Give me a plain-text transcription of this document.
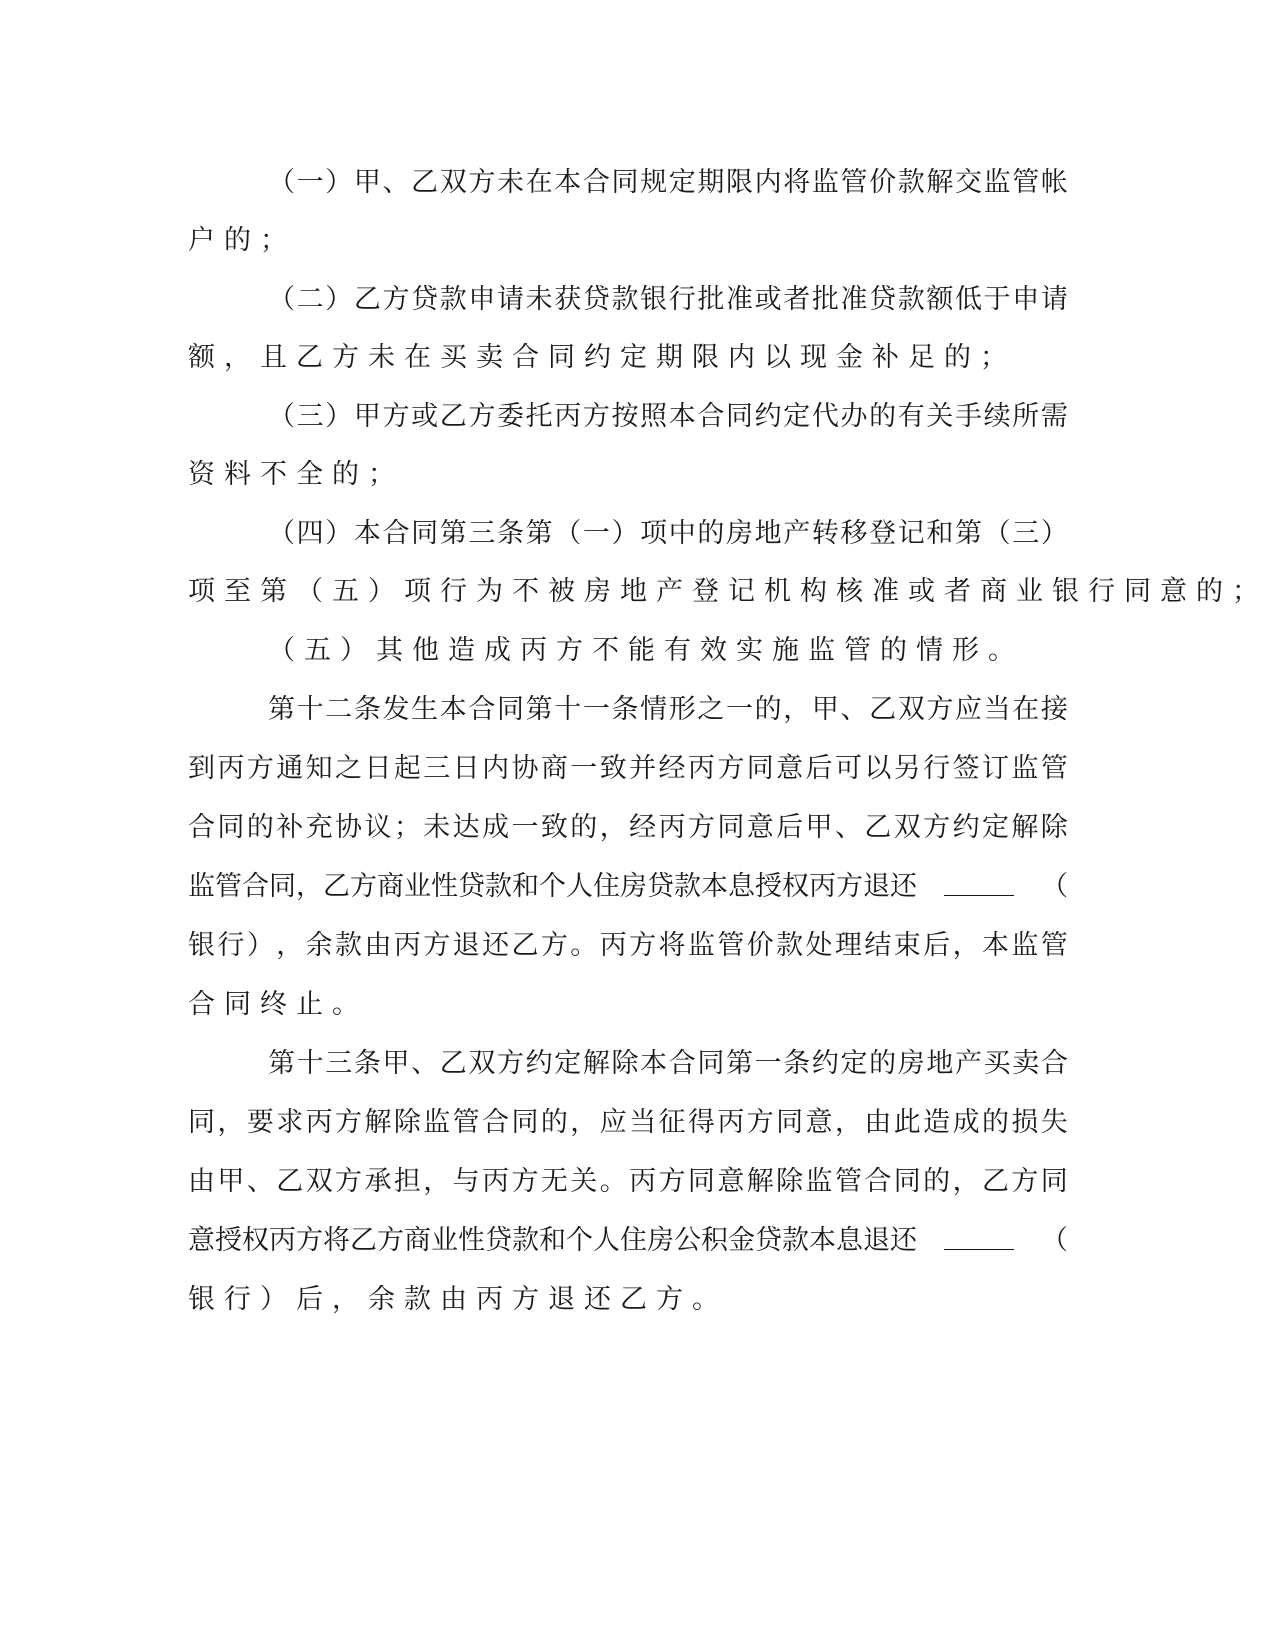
（ 一 ） 甲 、 乙 双 方 未 在 本 合 同 规 定 期 限 内 将 监 管 价 款 解 交 监 管 帐
户的；
（ 二 ） 乙 方 贷 款 申 请 未 获 贷 款 银 行 批 准 或 者 批 准 贷 款 额 低 于 申 请
额，且乙方未在买卖合同约定期限内以现金补足的；
（ 三 ） 甲 方 或 乙 方 委 托 丙 方 按 照 本 合 同 约 定 代 办 的 有 关 手 续 所 需
资料不全的；
（ 四 ） 本 合 同 第 三 条 第 （ 一 ） 项 中 的 房 地 产 转 移 登 记 和 第 （ 三 ）
项至第（五）项行为不被房地产登记机构核准或者商业银行同意的；
（五）其他造成丙方不能有效实施监管的情形。
第 十 二 条 发 生 本 合 同 第 十 一 条 情 形 之 一 的 ， 甲 、 乙 双 方 应 当 在 接
到 丙 方 通 知 之 日 起 三 日 内 协 商 一 致 并 经 丙 方 同 意 后 可 以 另 行 签 订 监 管
合 同 的 补 充 协 议 ； 未 达 成 一 致 的 ， 经 丙 方 同 意 后 甲 、 乙 双 方 约 定 解 除
监管合同，乙方商业性贷款和个人住房贷款本息授权丙方退还	（
银 行 ） ， 余 款 由 丙 方 退 还 乙 方 。 丙 方 将 监 管 价 款 处 理 结 束 后 ， 本 监 管
合同终止。
第 十 三 条 甲 、 乙 双 方 约 定 解 除 本 合 同 第 一 条 约 定 的 房 地 产 买 卖 合
同 ， 要 求 丙 方 解 除 监 管 合 同 的 ， 应 当 征 得 丙 方 同 意 ， 由 此 造 成 的 损 失
由 甲 、 乙 双 方 承 担 ， 与 丙 方 无 关 。 丙 方 同 意 解 除 监 管 合 同 的 ， 乙 方 同
意授权丙方将乙方商业性贷款和个人住房公积金贷款本息退还	（
银行）后，余款由丙方退还乙方。
